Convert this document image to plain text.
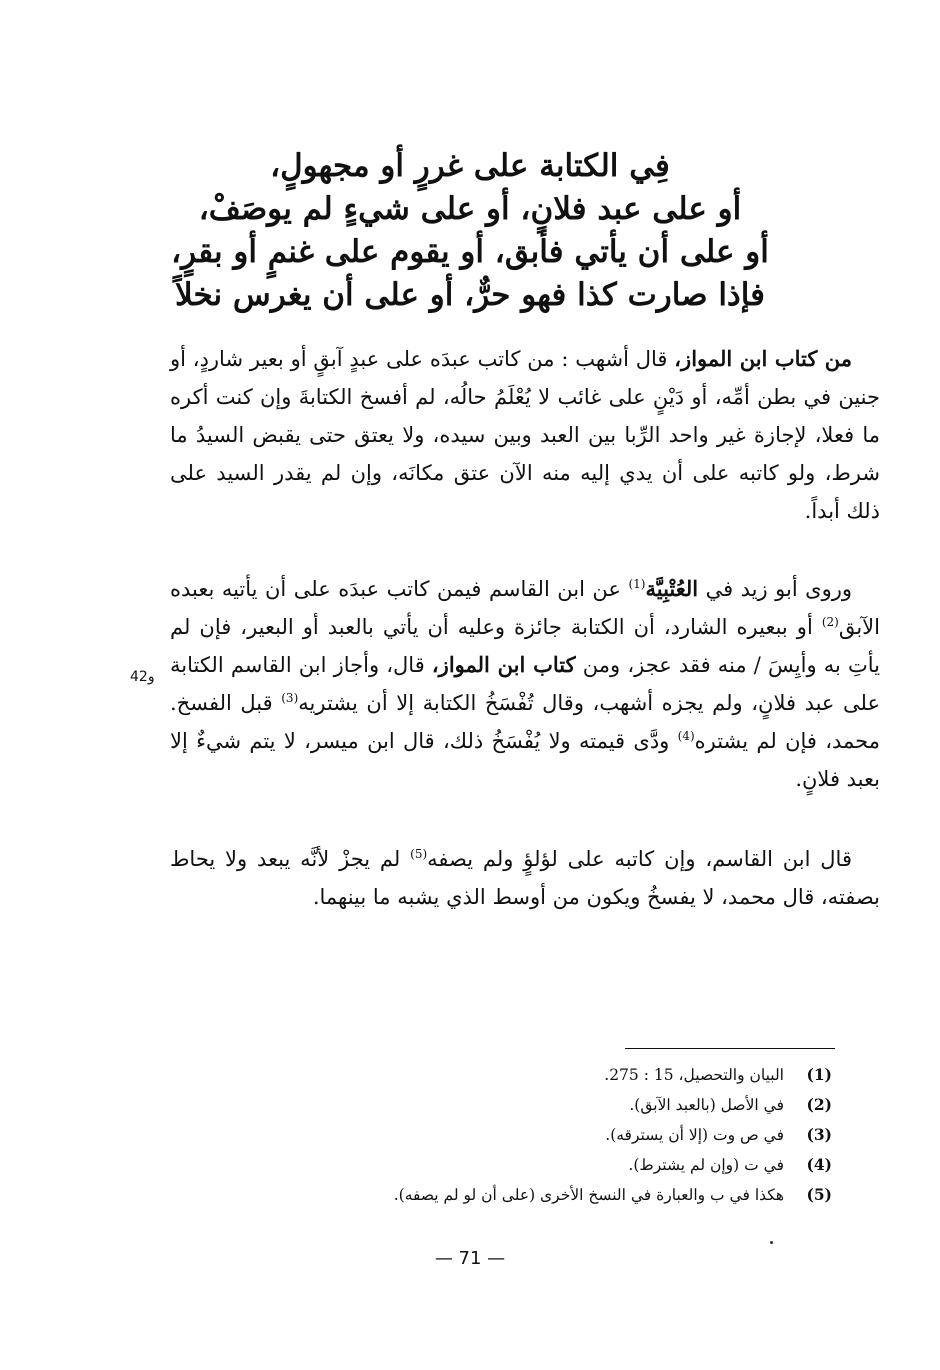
فِي الكتابة على غررٍ أو مجهولٍ،
أو على عبد فلانٍ، أو على شيءٍ لم يوصَفْ،
أو على أن يأتي فأبق، أو يقوم على غنمٍ أو بقرٍ،
فإذا صارت كذا فهو حرٌّ، أو على أن يغرس نخلاً

من كتاب ابن المواز، قال أشهب : من كاتب عبدَه على عبدٍ آبقٍ أو بعير شاردٍ، أو جنين في بطن أمِّه، أو دَيْنٍ على غائب لا يُعْلَمُ حالُه، لم أفسخ الكتابةَ وإن كنت أكره ما فعلا، لإجازة غير واحد الرِّبا بين العبد وبين سيده، ولا يعتق حتى يقبض السيدُ ما شرط، ولو كاتبه على أن يدي إليه منه الآن عتق مكانَه، وإن لم يقدر السيد على ذلك أبداً.

وروى أبو زيد في العُتْبِيَّة$^{(1)}$ عن ابن القاسم فيمن كاتب عبدَه على أن يأتيه بعبده الآبق$^{(2)}$ أو ببعيره الشارد، أن الكتابة جائزة وعليه أن يأتي بالعبد أو البعير، فإن لم يأتِ به وأيِسَ / منه فقد عجز، ومن كتاب ابن المواز، قال، وأجاز ابن القاسم الكتابة على عبد فلانٍ، ولم يجزه أشهب، وقال تُفْسَخُ الكتابة إلا أن يشتريه$^{(3)}$ قبل الفسخ. محمد، فإن لم يشتره$^{(4)}$ ودَّى قيمته ولا يُفْسَخُ ذلك، قال ابن ميسر، لا يتم شيءٌ إلا بعبد فلانٍ.

42و

قال ابن القاسم، وإن كاتبه على لؤلؤٍ ولم يصفه$^{(5)}$ لم يجزْ لأنَّه يبعد ولا يحاط بصفته، قال محمد، لا يفسخُ ويكون من أوسط الذي يشبه ما بينهما.

(1)
البيان والتحصيل، 15 : 275.
(2)
في الأصل (بالعبد الآبق).
(3)
في ص وت (إلا أن يسترقه).
(4)
في ت (وإن لم يشترط).
(5)
هكذا في ب والعبارة في النسخ الأخرى (على أن لو لم يصفه).
— 71 —
